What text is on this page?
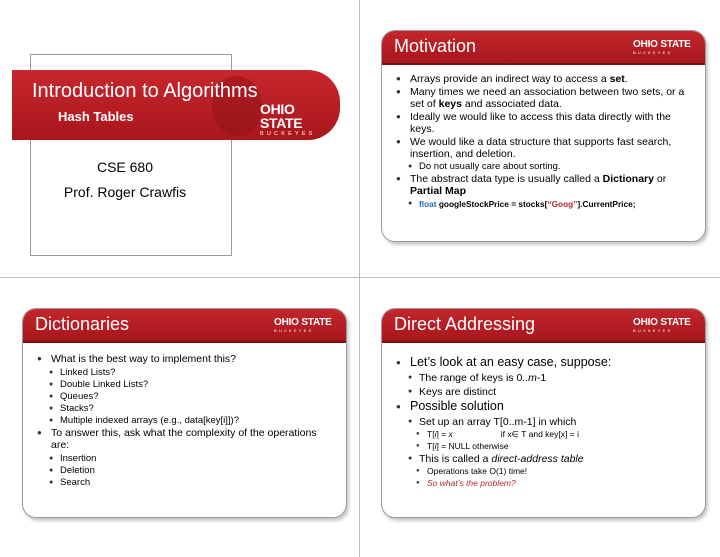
Introduction to Algorithms
Hash Tables	OHIO STATE
BUCKEYES
CSE 680
Prof. Roger Crawfis
Motivation	OHIO STATE
BUCKEYES
● Arrays provide an indirect way to access a set.
● Many times we need an association between two sets, or a set of keys and associated data.
● Ideally we would like to access this data directly with the keys.
● We would like a data structure that supports fast search, insertion, and deletion.
● Do not usually care about sorting.
● The abstract data type is usually called a Dictionary or Partial Map
● float googleStockPrice = stocks[“Goog”].CurrentPrice;
Dictionaries	OHIO STATE
BUCKEYES
● What is the best way to implement this?
● Linked Lists?
● Double Linked Lists?
● Queues?
● Stacks?
● Multiple indexed arrays (e.g., data[key[i]])?
● To answer this, ask what the complexity of the operations are:
● Insertion
● Deletion
● Search
Direct Addressing	OHIO STATE
BUCKEYES
● Let’s look at an easy case, suppose:
● The range of keys is 0..m-1
● Keys are distinct
● Possible solution
● Set up an array T[0..m-1] in which
● T[i] = x	if x∈ T and key[x] = i
● T[i] = NULL otherwise
● This is called a direct-address table
● Operations take O(1) time!
● So what’s the problem?
